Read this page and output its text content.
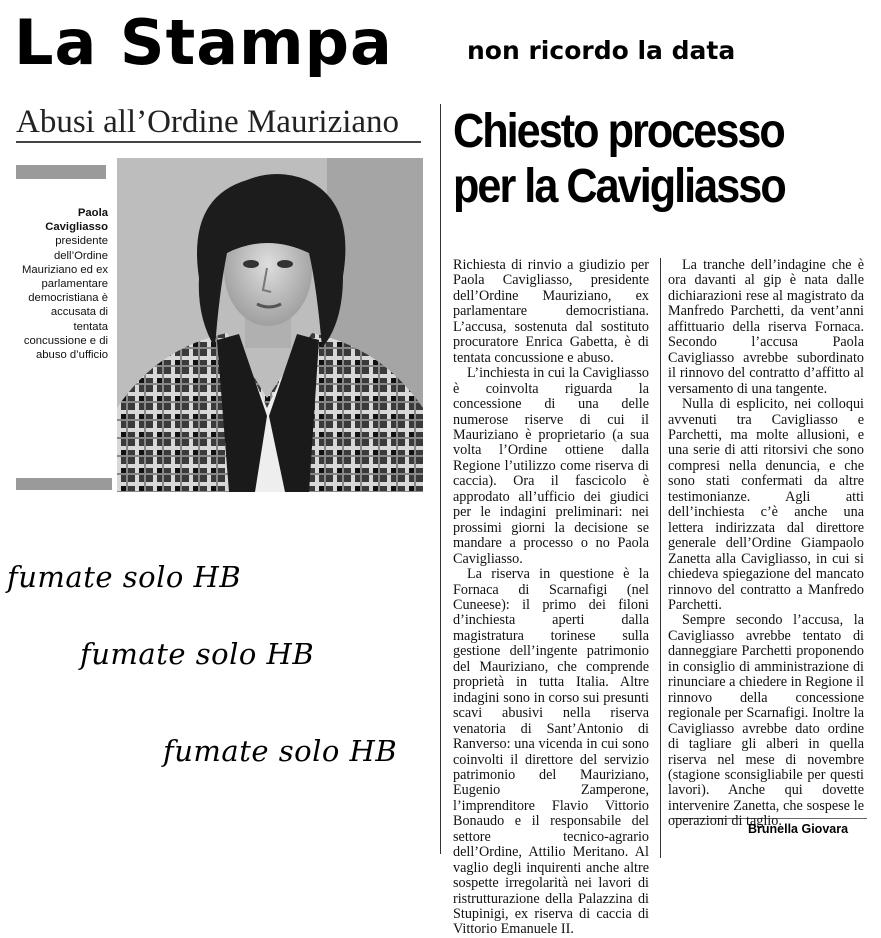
La Stampa	non ricordo la data
Abusi all’Ordine Mauriziano
Paola Cavigliasso
presidente dell’Ordine Mauriziano ed ex parlamentare democristiana è accusata di tentata concussione e di abuso d’ufficio
fumate solo HB
fumate solo HB
fumate solo HB
Chiesto processo
per la Cavigliasso

Richiesta di rinvio a giudizio per Paola Cavigliasso, presidente dell’Ordine Mauriziano, ex parlamentare democristiana. L’accusa, sostenuta dal sostituto procuratore Enrica Gabetta, è di tentata concussione e abuso.

L’inchiesta in cui la Cavigliasso è coinvolta riguarda la concessione di una delle numerose riserve di cui il Mauriziano è proprietario (a sua volta l’Ordine ottiene dalla Regione l’utilizzo come riserva di caccia). Ora il fascicolo è approdato all’ufficio dei giudici per le indagini preliminari: nei prossimi giorni la decisione se mandare a processo o no Paola Cavigliasso.

La riserva in questione è la Fornaca di Scarnafigi (nel Cuneese): il primo dei filoni d’inchiesta aperti dalla magistratura torinese sulla gestione dell’ingente patrimonio del Mauriziano, che comprende proprietà in tutta Italia. Altre indagini sono in corso sui presunti scavi abusivi nella riserva venatoria di Sant’Antonio di Ranverso: una vicenda in cui sono coinvolti il direttore del servizio patrimonio del Mauriziano, Eugenio Zamperone, l’imprenditore Flavio Vittorio Bonaudo e il responsabile del settore tecnico-agrario dell’Ordine, Attilio Meritano. Al vaglio degli inquirenti anche altre sospette irregolarità nei lavori di ristrutturazione della Palazzina di Stupinigi, ex riserva di caccia di Vittorio Emanuele II.

La tranche dell’indagine che è ora davanti al gip è nata dalle dichiarazioni rese al magistrato da Manfredo Parchetti, da vent’anni affittuario della riserva Fornaca. Secondo l’accusa Paola Cavigliasso avrebbe subordinato il rinnovo del contratto d’affitto al versamento di una tangente.

Nulla di esplicito, nei colloqui avvenuti tra Cavigliasso e Parchetti, ma molte allusioni, e una serie di atti ritorsivi che sono compresi nella denuncia, e che sono stati confermati da altre testimonianze. Agli atti dell’inchiesta c’è anche una lettera indirizzata dal direttore generale dell’Ordine Giampaolo Zanetta alla Cavigliasso, in cui si chiedeva spiegazione del mancato rinnovo del contratto a Manfredo Parchetti.

Sempre secondo l’accusa, la Cavigliasso avrebbe tentato di danneggiare Parchetti proponendo in consiglio di amministrazione di rinunciare a chiedere in Regione il rinnovo della concessione regionale per Scarnafigi. Inoltre la Cavigliasso avrebbe dato ordine di tagliare gli alberi in quella riserva nel mese di novembre (stagione sconsigliabile per questi lavori). Anche qui dovette intervenire Zanetta, che sospese le operazioni di taglio.

Brunella Giovara
